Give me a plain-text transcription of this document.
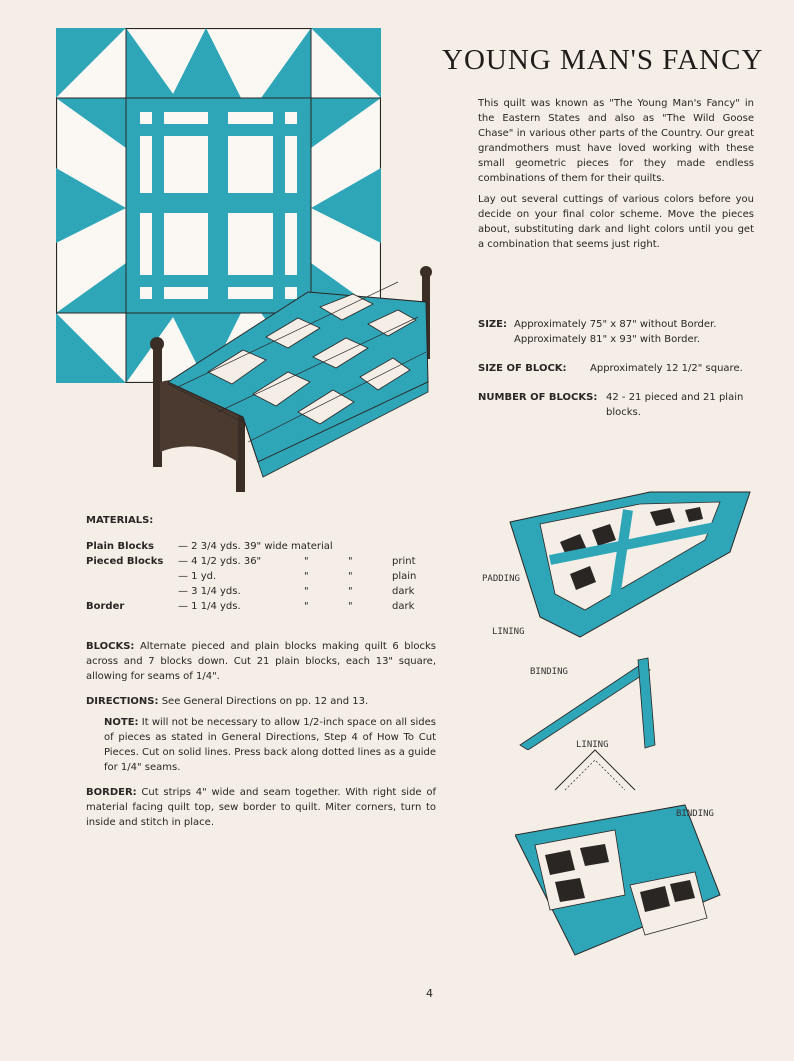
YOUNG MAN'S FANCY

This quilt was known as "The Young Man's Fancy" in the Eastern States and also as "The Wild Goose Chase" in various other parts of the Country. Our great grandmothers must have loved working with these small geometric pieces for they made endless combinations of them for their quilts.

Lay out several cuttings of various colors before you decide on your final color scheme. Move the pieces about, substituting dark and light colors until you get a combination that seems just right.

SIZE: Approximately 75" x 87" without Border.

Approximately 81" x 93" with Border.

SIZE OF BLOCK:	Approximately 12 1/2" square.

NUMBER OF BLOCKS: 42 - 21 pieced and 21 plain blocks.

MATERIALS:

Plain Blocks	— 2 3/4 yds. 39" wide material			
Pieced Blocks	— 4 1/2 yds. 36"	"	"	print
	— 1 yd.	"	"	plain
	— 3 1/4 yds.	"	"	dark
Border	— 1 1/4 yds.	"	"	dark

BLOCKS: Alternate pieced and plain blocks making quilt 6 blocks across and 7 blocks down. Cut 21 plain blocks, each 13" square, allowing for seams of 1/4".

DIRECTIONS: See General Directions on pp. 12 and 13.

NOTE: It will not be necessary to allow 1/2-inch space on all sides of pieces as stated in General Directions, Step 4 of How To Cut Pieces. Cut on solid lines. Press back along dotted lines as a guide for 1/4" seams.

BORDER: Cut strips 4" wide and seam together. With right side of material facing quilt top, sew border to quilt. Miter corners, turn to inside and stitch in place.

PADDING
LINING
BINDING
LINING
BINDING
4
